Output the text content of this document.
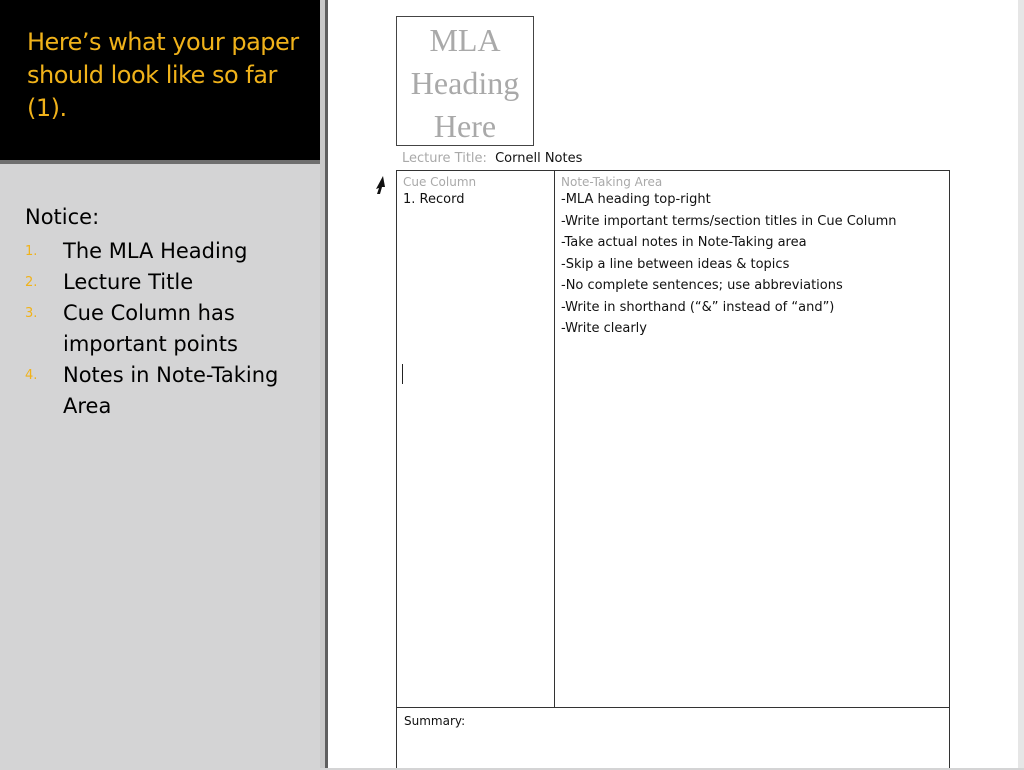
Here’s what your paper should look like so far (1).
Notice:
1. The MLA Heading
2. Lecture Title
3. Cue Column has important points
4. Notes in Note-Taking Area
MLA
Heading
Here
Lecture Title: Cornell Notes
Cue Column
1. Record
Note-Taking Area
-MLA heading top-right
-Write important terms/section titles in Cue Column
-Take actual notes in Note-Taking area
-Skip a line between ideas & topics
-No complete sentences; use abbreviations
-Write in shorthand (“&” instead of “and”)
-Write clearly
Summary:
